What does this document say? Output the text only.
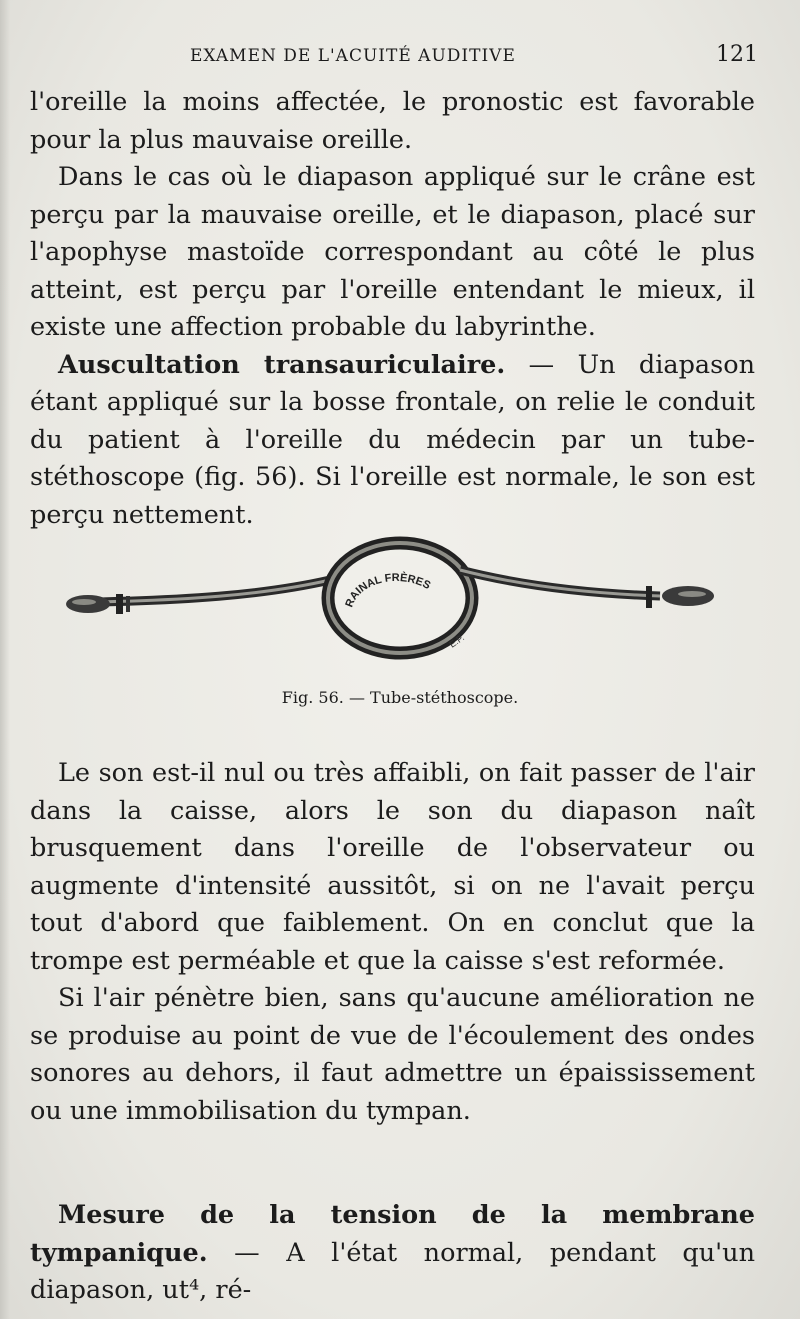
EXAMEN DE L'ACUITÉ AUDITIVE	121

l'oreille la moins affectée, le pronostic est favorable pour la plus mauvaise oreille.

Dans le cas où le diapason appliqué sur le crâne est perçu par la mauvaise oreille, et le diapason, placé sur l'apophyse mastoïde correspondant au côté le plus atteint, est perçu par l'oreille entendant le mieux, il existe une affection probable du labyrinthe.

Auscultation transauriculaire. — Un diapason étant appliqué sur la bosse frontale, on relie le conduit du patient à l'oreille du médecin par un tube-stéthoscope (fig. 56). Si l'oreille est normale, le son est perçu nettement.

RAINAL FRÈRES
E.P.
Fig. 56. — Tube-stéthoscope.

Le son est-il nul ou très affaibli, on fait passer de l'air dans la caisse, alors le son du diapason naît brusquement dans l'oreille de l'observateur ou augmente d'intensité aussitôt, si on ne l'avait perçu tout d'abord que faiblement. On en conclut que la trompe est perméable et que la caisse s'est reformée.

Si l'air pénètre bien, sans qu'aucune amélioration ne se produise au point de vue de l'écoulement des ondes sonores au dehors, il faut admettre un épaississement ou une immobilisation du tympan.

Mesure de la tension de la membrane tympanique. — A l'état normal, pendant qu'un diapason, ut⁴, ré-
